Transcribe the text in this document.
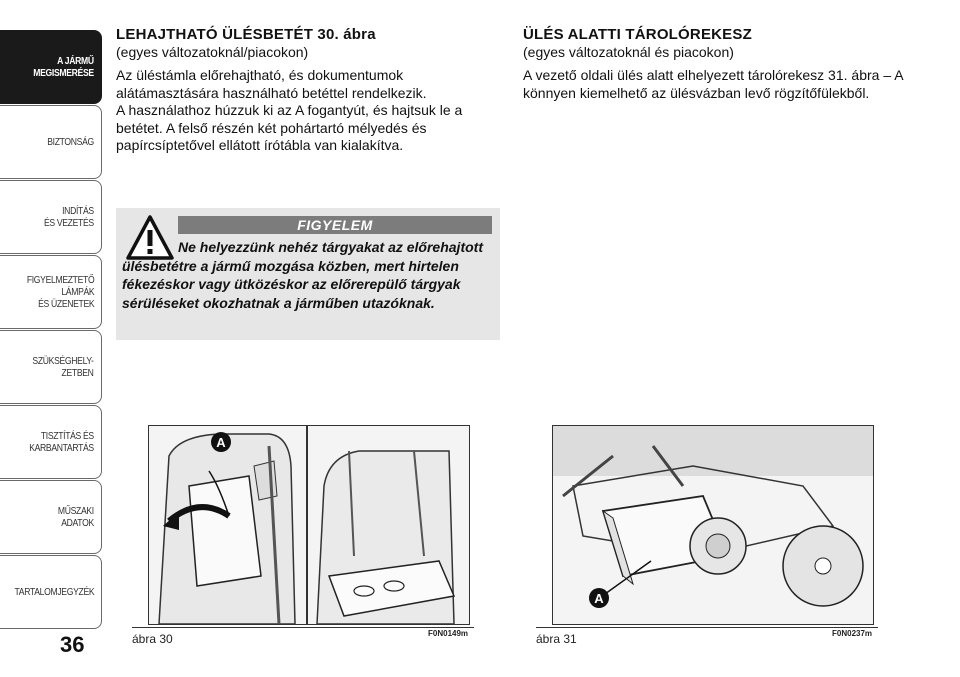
A JÁRMŰ
MEGISMERÉSE
BIZTONSÁG
INDÍTÁS
ÉS VEZETÉS
FIGYELMEZTETŐ
LÁMPÁK
ÉS ÜZENETEK
SZÜKSÉGHELY-
ZETBEN
TISZTÍTÁS ÉS
KARBANTARTÁS
MŰSZAKI
ADATOK
TARTALOMJEGYZÉK
36
LEHAJTHATÓ ÜLÉSBETÉT 30. ábra

(egyes változatoknál/piacokon)

Az üléstámla előrehajtható, és dokumentumok alátámasztására használható betéttel rendelkezik.

A használathoz húzzuk ki az A fogantyút, és hajtsuk le a betétet. A felső részén két pohártartó mélyedés és papírcsíptetővel ellátott írótábla van kialakítva.

FIGYELEM
Ne helyezzünk nehéz tárgyakat az előrehajtott ülésbetétre a jármű mozgása közben, mert hirtelen fékezéskor vagy ütközéskor az előrerepülő tárgyak sérüléseket okozhatnak a járműben utazóknak.
ÜLÉS ALATTI TÁROLÓREKESZ

(egyes változatoknál és piacokon)

A vezető oldali ülés alatt elhelyezett tárolórekesz 31. ábra – A könnyen kiemelhető az ülésvázban levő rögzítőfülekből.

A
ábra 30	F0N0149m
A
ábra 31	F0N0237m
